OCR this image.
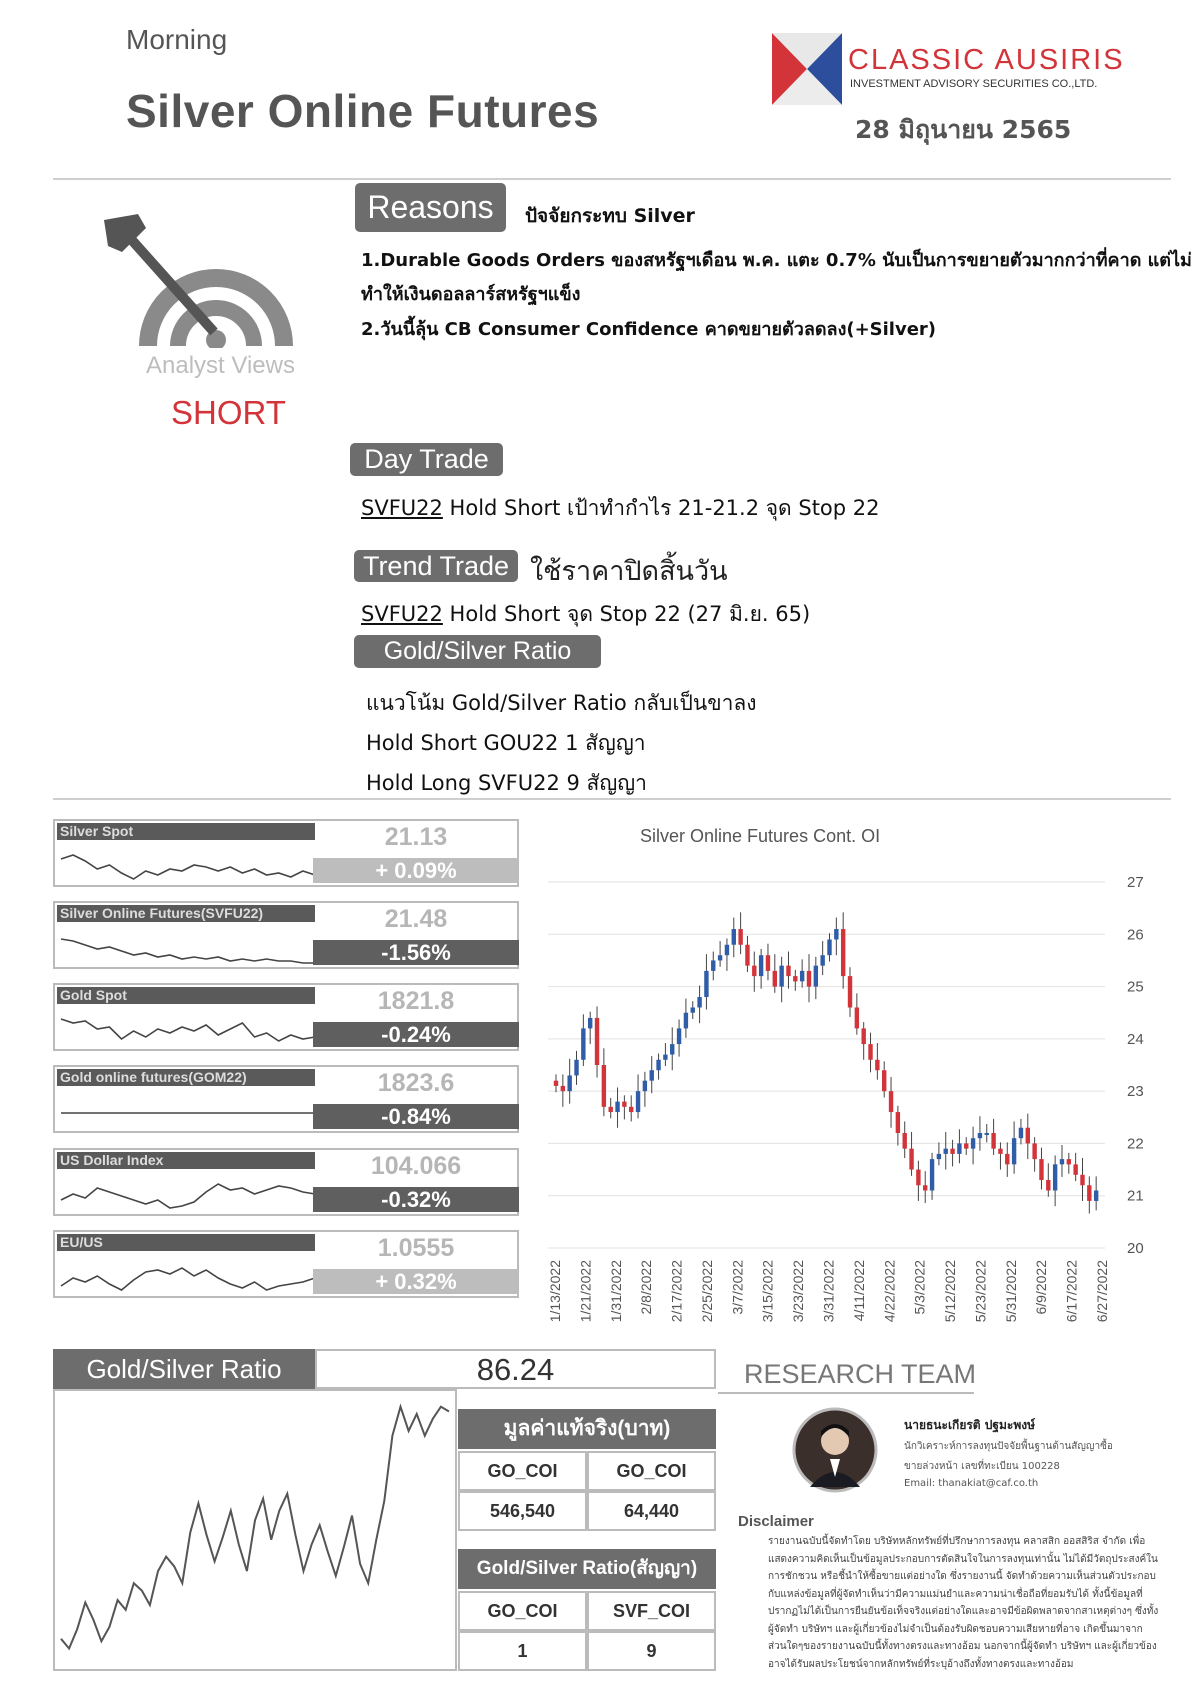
Morning
Silver Online Futures
CLASSIC AUSIRIS
INVESTMENT ADVISORY SECURITIES CO.,LTD.
28 มิถุนายน 2565
Analyst Views
SHORT
Reasons	ปัจจัยกระทบ Silver
1.Durable Goods Orders ของสหรัฐฯเดือน พ.ค. แตะ 0.7% นับเป็นการขยายตัวมากกว่าที่คาด แต่ไม่
ทำให้เงินดอลลาร์สหรัฐฯแข็ง
2.วันนี้ลุ้น CB Consumer Confidence คาดขยายตัวลดลง(+Silver)
Day Trade
SVFU22 Hold Short เป้าทำกำไร 21-21.2 จุด Stop 22
Trend Trade ใช้ราคาปิดสิ้นวัน
SVFU22 Hold Short จุด Stop 22 (27 มิ.ย. 65)
Gold/Silver Ratio
แนวโน้ม Gold/Silver Ratio กลับเป็นขาลง
Hold Short GOU22 1 สัญญา
Hold Long SVFU22 9 สัญญา
Silver Spot	21.13
+ 0.09%
Silver Online Futures(SVFU22)	21.48
-1.56%
Gold Spot	1821.8
-0.24%
Gold online futures(GOM22)	1823.6
-0.84%
US Dollar Index	104.066
-0.32%
EU/US	1.0555
+ 0.32%
Silver Online Futures Cont. OI
27
26
25
24
23
22
21
20
1/13/2022 1/21/2022 1/31/2022 2/8/2022 2/17/2022 2/25/2022 3/7/2022 3/15/2022 3/23/2022 3/31/2022 4/11/2022 4/22/2022 5/3/2022 5/12/2022 5/23/2022 5/31/2022 6/9/2022 6/17/2022 6/27/2022
Gold/Silver Ratio	86.24
มูลค่าแท้จริง(บาท)
GO_COI	GO_COI
546,540	64,440
Gold/Silver Ratio(สัญญา)
GO_COI	SVF_COI
1	9
RESEARCH TEAM
นายธนะเกียรติ ปฐมะพงษ์
นักวิเคราะห์การลงทุนปัจจัยพื้นฐานด้านสัญญาซื้อ
ขายล่วงหน้า เลขที่ทะเบียน 100228
Email: thanakiat@caf.co.th
Disclaimer
รายงานฉบับนี้จัดทำโดย บริษัทหลักทรัพย์ที่ปรึกษาการลงทุน คลาสสิก ออสสิริส จำกัด เพื่อ
แสดงความคิดเห็นเป็นข้อมูลประกอบการตัดสินใจในการลงทุนเท่านั้น ไม่ได้มีวัตถุประสงค์ใน
การชักชวน หรือชี้นำให้ซื้อขายแต่อย่างใด ซึ่งรายงานนี้ จัดทำด้วยความเห็นส่วนตัวประกอบ
กับแหล่งข้อมูลที่ผู้จัดทำเห็นว่ามีความแม่นยำและความน่าเชื่อถือที่ยอมรับได้ ทั้งนี้ข้อมูลที่
ปรากฏไม่ได้เป็นการยืนยันข้อเท็จจริงแต่อย่างใดและอาจมีข้อผิดพลาดจากสาเหตุต่างๆ ซึ่งทั้ง
ผู้จัดทำ บริษัทฯ และผู้เกี่ยวข้องไม่จำเป็นต้องรับผิดชอบความเสียหายที่อาจ เกิดขึ้นมาจาก
ส่วนใดๆของรายงานฉบับนี้ทั้งทางตรงและทางอ้อม นอกจากนี้ผู้จัดทำ บริษัทฯ และผู้เกี่ยวข้อง
อาจได้รับผลประโยชน์จากหลักทรัพย์ที่ระบุอ้างถึงทั้งทางตรงและทางอ้อม
